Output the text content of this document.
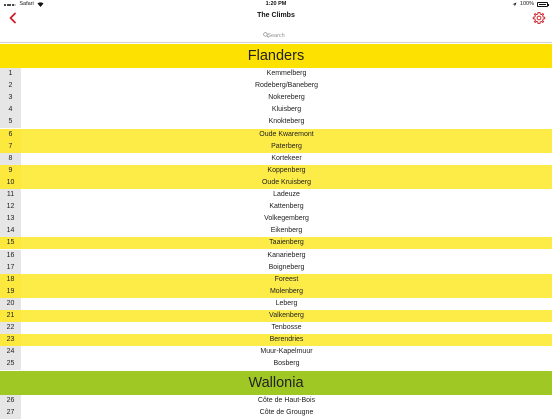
Safari	1:20 PM	100%
The Climbs
Search
Flanders
1	Kemmelberg
2	Rodeberg/Baneberg
3	Nokereberg
4	Kluisberg
5	Knokteberg
6	Oude Kwaremont
7	Paterberg
8	Kortekeer
9	Koppenberg
10	Oude Kruisberg
11	Ladeuze
12	Kattenberg
13	Volkegemberg
14	Eikenberg
15	Taaienberg
16	Kanarieberg
17	Boigneberg
18	Foreest
19	Molenberg
20	Leberg
21	Valkenberg
22	Tenbosse
23	Berendries
24	Muur-Kapelmuur
25	Bosberg
Wallonia
26	Côte de Haut-Bois
27	Côte de Grougne
